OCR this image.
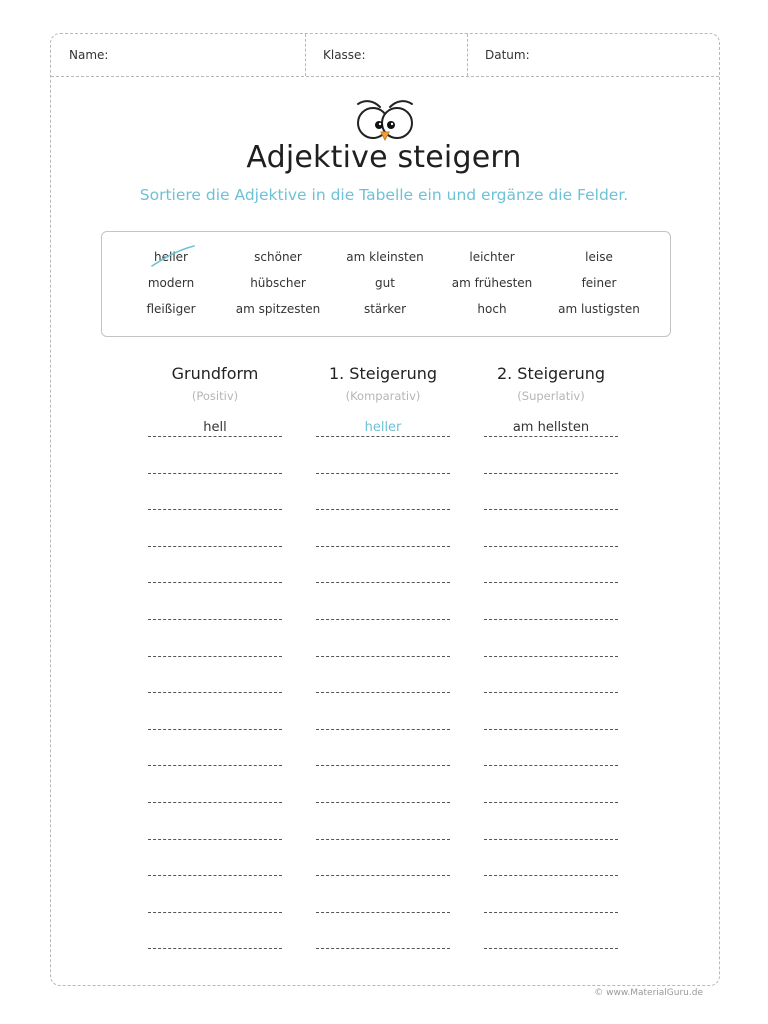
Name:	Klasse:	Datum:
Adjektive steigern
Sortiere die Adjektive in die Tabelle ein und ergänze die Felder.
heller	schöner	am kleinsten	leichter	leise
modern	hübscher	gut	am frühesten	feiner
fleißiger	am spitzesten	stärker	hoch	am lustigsten
Grundform
(Positiv)
1. Steigerung
(Komparativ)
2. Steigerung
(Superlativ)
hell	heller	am hellsten
© www.MaterialGuru.de
